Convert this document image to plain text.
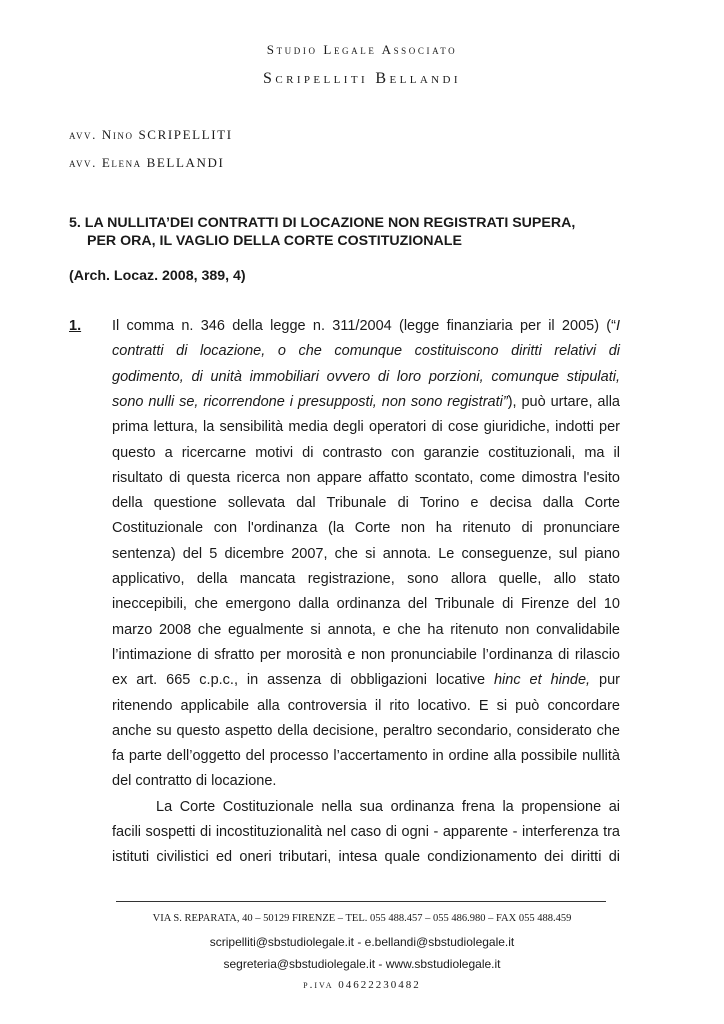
Studio Legale Associato
Scripelliti Bellandi
avv. Nino SCRIPELLITI
avv. Elena BELLANDI
5. LA NULLITA’DEI CONTRATTI DI LOCAZIONE NON REGISTRATI SUPERA,
PER ORA, IL VAGLIO DELLA CORTE COSTITUZIONALE
(Arch. Locaz. 2008, 389, 4)
1. Il comma n. 346 della legge n. 311/2004 (legge finanziaria per il 2005) (“I
contratti di locazione, o che comunque costituiscono diritti relativi di
godimento, di unità immobiliari ovvero di loro porzioni, comunque stipulati,
sono nulli se, ricorrendone i presupposti, non sono registrati”), può urtare, alla
prima lettura, la sensibilità media degli operatori di cose giuridiche, indotti per
questo a ricercarne motivi di contrasto con garanzie costituzionali, ma il
risultato di questa ricerca non appare affatto scontato, come dimostra l'esito
della questione sollevata dal Tribunale di Torino e decisa dalla Corte
Costituzionale con l'ordinanza (la Corte non ha ritenuto di pronunciare
sentenza) del 5 dicembre 2007, che si annota. Le conseguenze, sul piano
applicativo, della mancata registrazione, sono allora quelle, allo stato
ineccepibili, che emergono dalla ordinanza del Tribunale di Firenze del 10
marzo 2008 che egualmente si annota, e che ha ritenuto non convalidabile
l’intimazione di sfratto per morosità e non pronunciabile l’ordinanza di rilascio
ex art. 665 c.p.c., in assenza di obbligazioni locative hinc et hinde, pur
ritenendo applicabile alla controversia il rito locativo. E si può concordare
anche su questo aspetto della decisione, peraltro secondario, considerato che
fa parte dell’oggetto del processo l’accertamento in ordine alla possibile nullità
del contratto di locazione.
La Corte Costituzionale nella sua ordinanza frena la propensione ai
facili sospetti di incostituzionalità nel caso di ogni - apparente - interferenza tra
istituti civilistici ed oneri tributari, intesa quale condizionamento dei diritti di
VIA S. REPARATA, 40 – 50129 FIRENZE – TEL. 055 488.457 – 055 486.980 – FAX 055 488.459
scripelliti@sbstudiolegale.it - e.bellandi@sbstudiolegale.it
segreteria@sbstudiolegale.it - www.sbstudiolegale.it
p.iva 04622230482
